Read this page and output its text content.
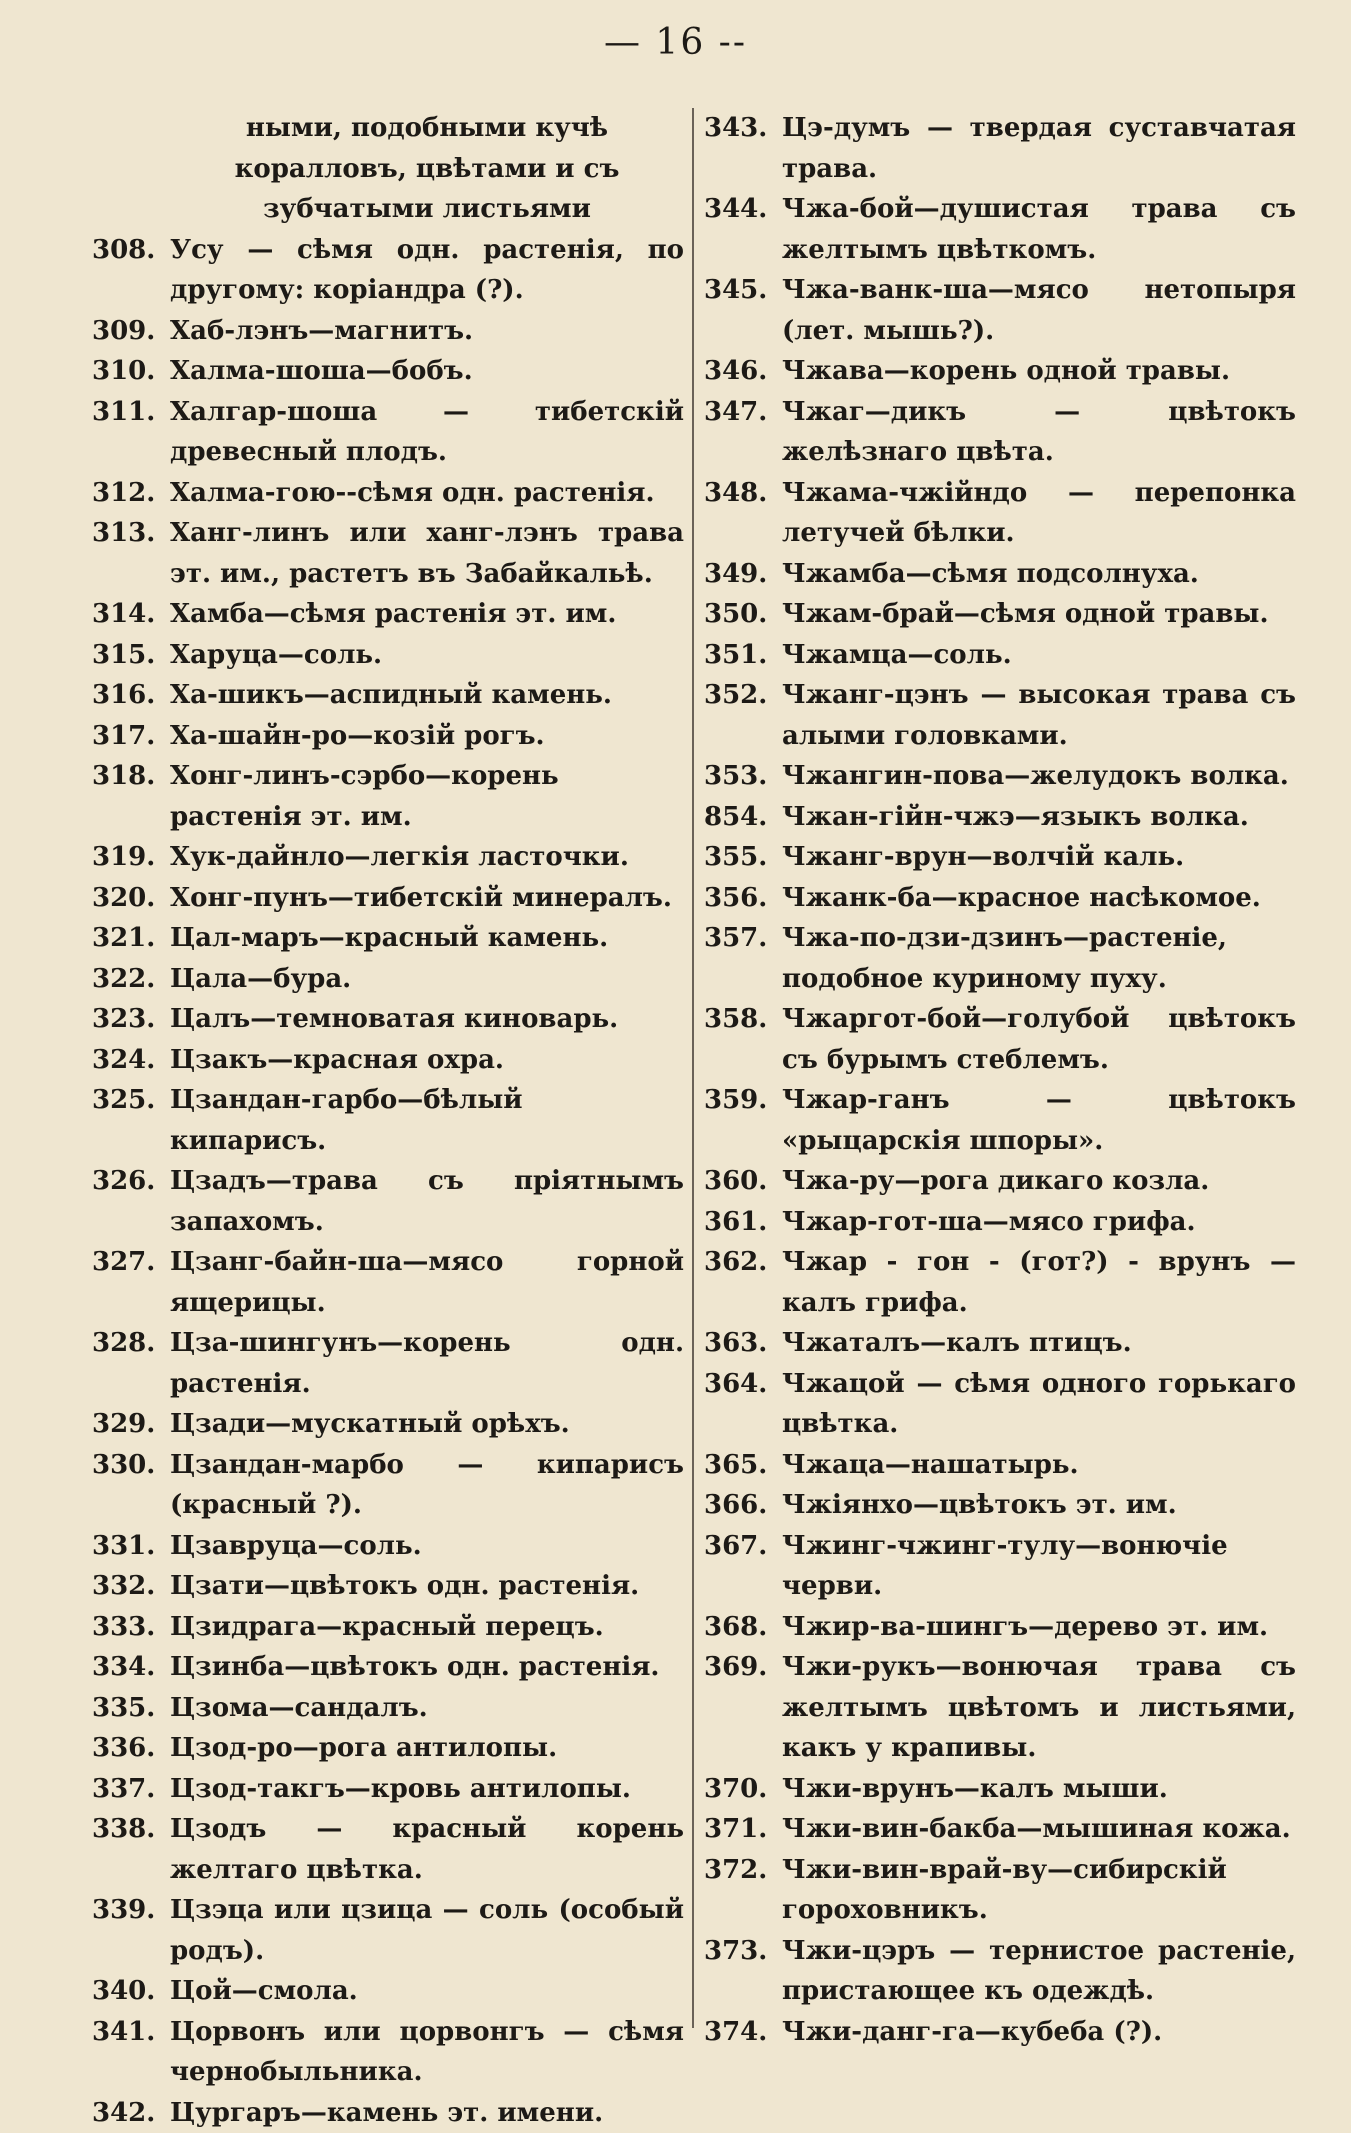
— 16 --
ными, подобными кучѣ коралловъ, цвѣтами и съ зубчатыми листьями
308. Усу — сѣмя одн. растенія, по другому: коріандра (?).
309. Хаб-лэнъ—магнитъ.
310. Халма-шоша—бобъ.
311. Халгар-шоша — тибетскій древесный плодъ.
312. Халма-гою--сѣмя одн. растенія.
313. Ханг-линъ или ханг-лэнъ трава эт. им., растетъ въ Забайкальѣ.
314. Хамба—сѣмя растенія эт. им.
315. Харуца—соль.
316. Ха-шикъ—аспидный камень.
317. Ха-шайн-ро—козій рогъ.
318. Хонг-линъ-сэрбо—корень растенія эт. им.
319. Хук-дайнло—легкія ласточки.
320. Хонг-пунъ—тибетскій минералъ.
321. Цал-маръ—красный камень.
322. Цала—бура.
323. Цалъ—темноватая киноварь.
324. Цзакъ—красная охра.
325. Цзандан-гарбо—бѣлый кипарисъ.
326. Цзадъ—трава съ пріятнымъ запахомъ.
327. Цзанг-байн-ша—мясо горной ящерицы.
328. Цза-шингунъ—корень одн. растенія.
329. Цзади—мускатный орѣхъ.
330. Цзандан-марбо — кипарисъ (красный ?).
331. Цзавруца—соль.
332. Цзати—цвѣтокъ одн. растенія.
333. Цзидрага—красный перецъ.
334. Цзинба—цвѣтокъ одн. растенія.
335. Цзома—сандалъ.
336. Цзод-ро—рога антилопы.
337. Цзод-такгъ—кровь антилопы.
338. Цзодъ — красный корень желтаго цвѣтка.
339. Цзэца или цзица — соль (особый родъ).
340. Цой—смола.
341. Цорвонъ или цорвонгъ — сѣмя чернобыльника.
342. Цургаръ—камень эт. имени.
343. Цэ-думъ — твердая суставчатая трава.
344. Чжа-бой—душистая трава съ желтымъ цвѣткомъ.
345. Чжа-ванк-ша—мясо нетопыря (лет. мышь?).
346. Чжава—корень одной травы.
347. Чжаг—дикъ — цвѣтокъ желѣзнаго цвѣта.
348. Чжама-чжійндо — перепонка летучей бѣлки.
349. Чжамба—сѣмя подсолнуха.
350. Чжам-брай—сѣмя одной травы.
351. Чжамца—соль.
352. Чжанг-цэнъ — высокая трава съ алыми головками.
353. Чжангин-пова—желудокъ волка.
854. Чжан-гійн-чжэ—языкъ волка.
355. Чжанг-врун—волчій каль.
356. Чжанк-ба—красное насѣкомое.
357. Чжа-по-дзи-дзинъ—растеніе, подобное куриному пуху.
358. Чжаргот-бой—голубой цвѣтокъ съ бурымъ стеблемъ.
359. Чжар-ганъ — цвѣтокъ «рыцарскія шпоры».
360. Чжа-ру—рога дикаго козла.
361. Чжар-гот-ша—мясо грифа.
362. Чжар - гон - (гот?) - врунъ — калъ грифа.
363. Чжаталъ—калъ птицъ.
364. Чжацой — сѣмя одного горькаго цвѣтка.
365. Чжаца—нашатырь.
366. Чжіянхо—цвѣтокъ эт. им.
367. Чжинг-чжинг-тулу—вонючіе черви.
368. Чжир-ва-шингъ—дерево эт. им.
369. Чжи-рукъ—вонючая трава съ желтымъ цвѣтомъ и листьями, какъ у крапивы.
370. Чжи-врунъ—калъ мыши.
371. Чжи-вин-бакба—мышиная кожа.
372. Чжи-вин-врай-ву—сибирскій гороховникъ.
373. Чжи-цэръ — тернистое растеніе, пристающее къ одеждѣ.
374. Чжи-данг-га—кубеба (?).
